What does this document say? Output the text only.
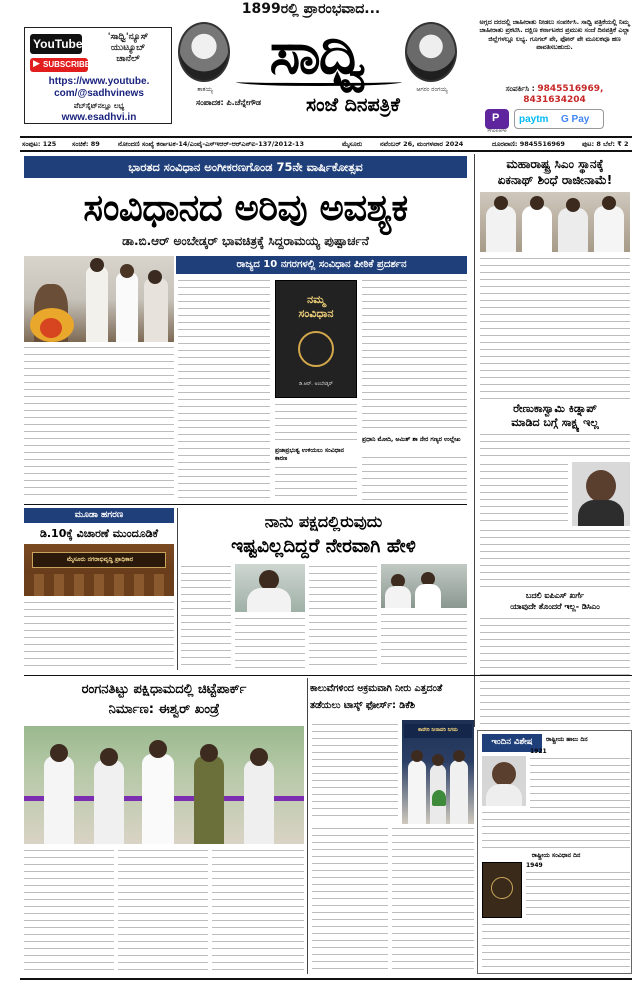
YouTube	'ಸಾಧ್ವಿ'ನ್ಯೂಸ್
ಯುಟ್ಯೂಬ್
ಚಾನೆಲ್
▶ SUBSCRIBE
https://www.youtube.
com/@sadhvinews
ವೆಬ್‌ಸೈಟ್‌ನಲ್ಲೂ ಲಭ್ಯ
www.esadhvi.in
1899ರಲ್ಲಿ ಪ್ರಾರಂಭವಾದ...
ತಾತಯ್ಯ
ಸಾಧ್ವಿ
ಆಗರಂ ರಂಗಯ್ಯ
ಸಂಪಾದಕ: ಪಿ.ಚೆನ್ನೇಗೌಡ	ಸಂಜೆ ದಿನಪತ್ರಿಕೆ
ಅಗ್ಗದ ದರದಲ್ಲಿ ಜಾಹೀರಾತು ನೀಡಲು ಸಂಪರ್ಕಿಸಿ. ಸಾಧ್ವಿ ಪತ್ರಿಕೆಯಲ್ಲಿ ನಿಮ್ಮ ಜಾಹೀರಾತು ಪ್ರಕಟಿಸಿ. ದಕ್ಷಿಣ ಕರ್ನಾಟಕದ ಪ್ರಮುಖ ಸಂಜೆ ದಿನಪತ್ರಿಕೆ ಎಲ್ಲಾ ಜಿಲ್ಲೆಗಳಲ್ಲೂ ಲಭ್ಯ. ಗೂಗಲ್ ಪೇ, ಫೋನ್ ಪೇ ಮೂಲಕವೂ ಹಣ ಪಾವತಿಸಬಹುದು.
ಸಂಪರ್ಕಿಸಿ : 9845516969,
8431634204
P
PhonePe
paytm G Pay
ಸಂಪುಟ: 125 ಸಂಚಿಕೆ: 89	ನೋಂದಣಿ ಸಂಖ್ಯೆ ಕರ್ನಾಟಕ-14/ಎಂವೈ-ಎಸ್‌ಇಆರ್-ಆರ್‌ಎನ್‌ಐ-137/2012-13	ಮೈಸೂರು	ನವೆಂಬರ್ 26, ಮಂಗಳವಾರ 2024	ದೂರವಾಣಿ: 9845516969	ಪುಟ: 8 ಬೆಲೆ: ₹ 2
ಭಾರತದ ಸಂವಿಧಾನ ಅಂಗೀಕರಣಗೊಂಡ 75ನೇ ವಾರ್ಷಿಕೋತ್ಸವ
ಸಂವಿಧಾನದ ಅರಿವು ಅವಶ್ಯಕ
ಡಾ.ಬಿ.ಆರ್ ಅಂಬೇಡ್ಕರ್ ಭಾವಚಿತ್ರಕ್ಕೆ ಸಿದ್ದರಾಮಯ್ಯ ಪುಷ್ಪಾರ್ಚನೆ
ರಾಜ್ಯದ 10 ನಗರಗಳಲ್ಲಿ ಸಂವಿಧಾನ ಪೀಠಿಕೆ ಪ್ರದರ್ಶನ
ನಮ್ಮ
ಸಂವಿಧಾನ
ಡಿ.ಆರ್. ಅಂಬೇಡ್ಕರ್
ಪ್ರಜಾಪ್ರಭುತ್ವ ಉಳಿಯಲು ಸಂವಿಧಾನ ಕಾರಣ
ಪ್ರಧಾನಿ ಮೋದಿ, ಅಮಿತ್ ಶಾ ನೇರ ಗಣ್ಯರ ಉಲ್ಲೇಖ
ಮಹಾರಾಷ್ಟ್ರ ಸಿಎಂ ಸ್ಥಾನಕ್ಕೆ
ಏಕನಾಥ್ ಶಿಂಧೆ ರಾಜೀನಾಮೆ!
ರೇಣುಕಾಸ್ವಾಮಿ ಕಿಡ್ನಾಪ್
ಮಾಡಿದ ಬಗ್ಗೆ ಸಾಕ್ಷ್ಯ ಇಲ್ಲ
ಬದಲಿ ಐಪಿಎಸ್ ಖರ್ಗೆ
ಯಾವುದೇ ತೊಂದರೆ ಇಲ್ಲ- ಡಿಸಿಎಂ
ಮೂಡಾ ಹಗರಣ
ಡಿ.10ಕ್ಕೆ ವಿಚಾರಣೆ ಮುಂದೂಡಿಕೆ
ಮೈಸೂರು ನಗರಾಭಿವೃದ್ಧಿ ಪ್ರಾಧಿಕಾರ
ನಾನು ಪಕ್ಷದಲ್ಲಿರುವುದು
ಇಷ್ಟವಿಲ್ಲದಿದ್ದರೆ ನೇರವಾಗಿ ಹೇಳಿ
ರಂಗನತಿಟ್ಟು ಪಕ್ಷಿಧಾಮದಲ್ಲಿ ಚಿಟ್ಟೆಪಾರ್ಕ್
ನಿರ್ಮಾಣ: ಈಶ್ವರ್ ಖಂಡ್ರೆ
ಕಾಲುವೆಗಳಿಂದ ಅಕ್ರಮವಾಗಿ ನೀರು ಎತ್ತದಂತೆ
ತಡೆಯಲು ಟಾಸ್ಕ್ ಫೋರ್ಸ್: ಡಿಕೆಶಿ
ಕಾವೇರಿ ನೀರಾವರಿ ನಿಗಮ
ಇಂದಿನ ವಿಶೇಷ	ರಾಷ್ಟ್ರೀಯ ಹಾಲು ದಿನ
1921
ರಾಷ್ಟ್ರೀಯ ಸಂವಿಧಾನ ದಿನ
1949
